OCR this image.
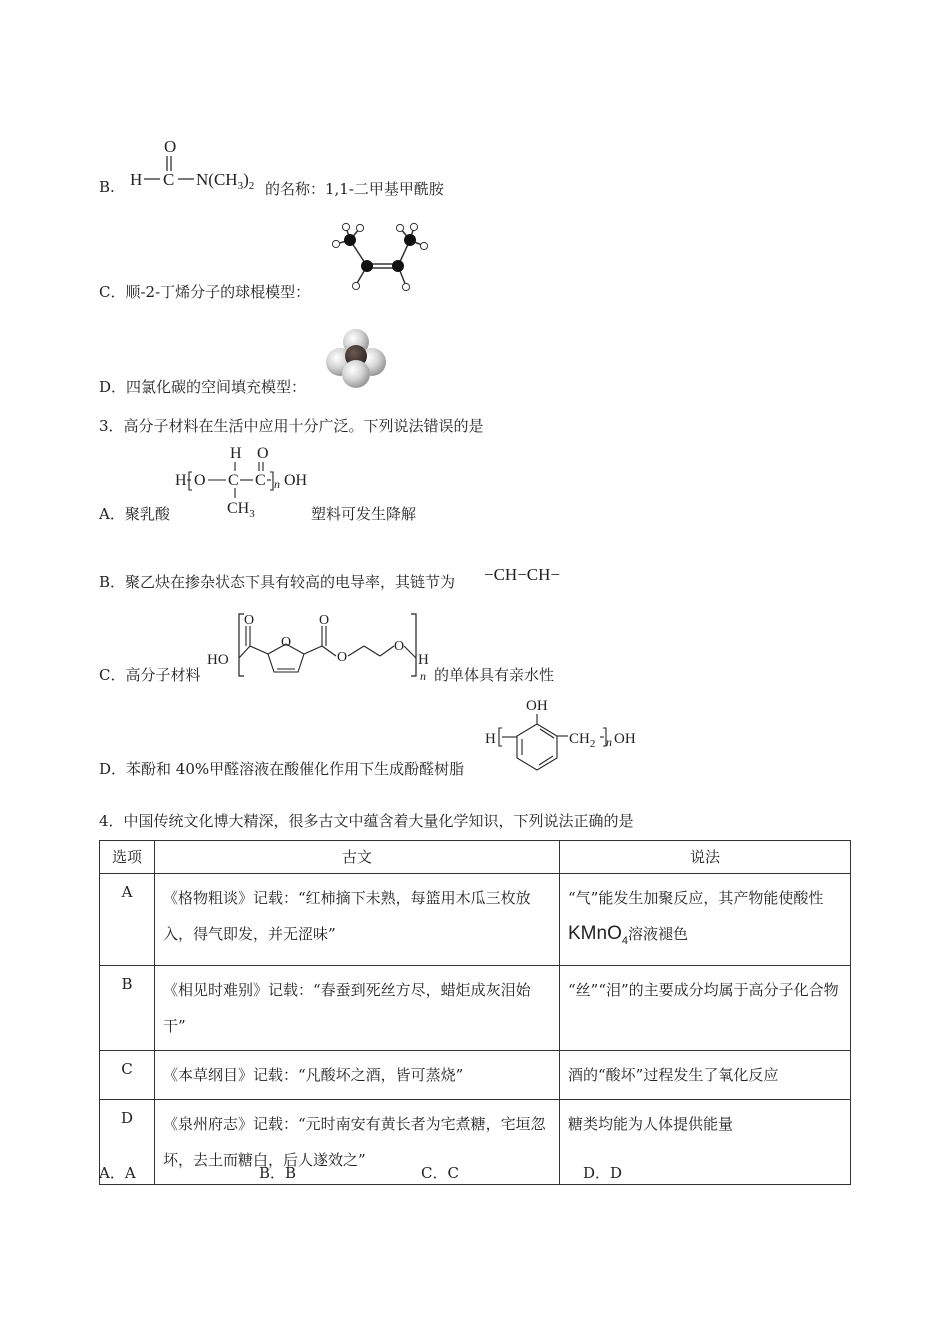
B.
O
H C $N(CH_3)_2$ 的名称：1,1-二甲基甲酰胺
C．顺-2-丁烯分子的球棍模型：
D．四氯化碳的空间填充模型：
3．高分子材料在生活中应用十分广泛。下列说法错误的是
A．聚乳酸
H O
H O C C n OH
$CH_3$	塑料可发生降解
B．聚乙炔在掺杂状态下具有较高的电导率，其链节为 −CH−CH−
C．高分子材料
HO
n
H
O
O
O
O
O
的单体具有亲水性
D．苯酚和 40%甲醛溶液在酸催化作用下生成酚醛树脂
OH
H	$CH_2$ n OH
4．中国传统文化博大精深，很多古文中蕴含着大量化学知识，下列说法正确的是
选项	古文	说法
A	《格物粗谈》记载：“红柿摘下未熟，每篮用木瓜三枚放入，得气即发，并无涩味”	“气”能发生加聚反应，其产物能使酸性KMnO$_4$溶液褪色
B	《相见时难别》记载：“春蚕到死丝方尽，蜡炬成灰泪始干”	“丝”“泪”的主要成分均属于高分子化合物
C	《本草纲目》记载：“凡酸坏之酒，皆可蒸烧”	酒的“酸坏”过程发生了氧化反应
D	《泉州府志》记载：“元时南安有黄长者为宅煮糖，宅垣忽坏，去土而糖白，后人遂效之”	糖类均能为人体提供能量
A．A	B．B	C．C	D．D
